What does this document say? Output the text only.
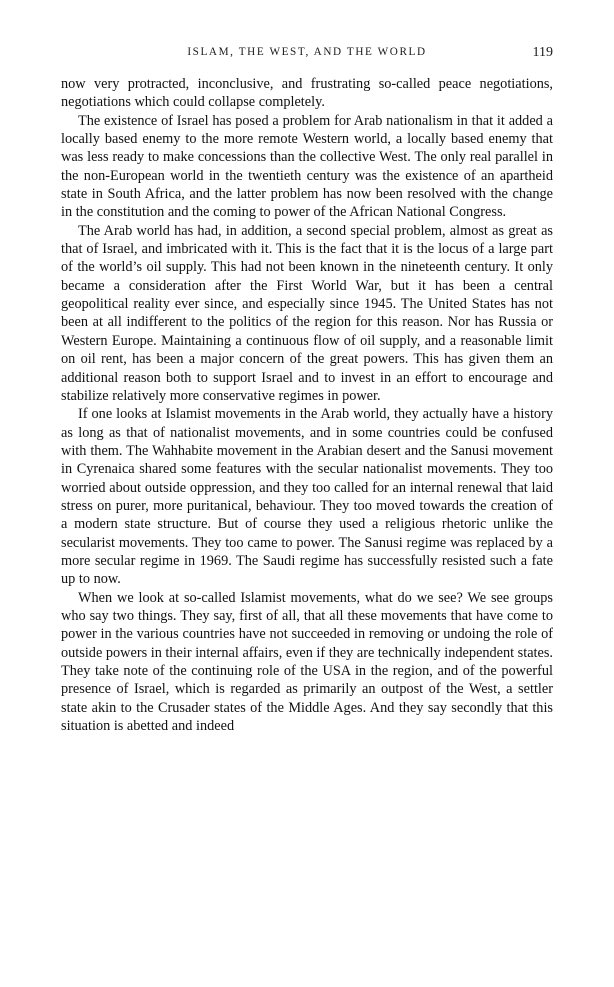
ISLAM, THE WEST, AND THE WORLD	119

now very protracted, inconclusive, and frustrating so-called peace negotiations, negotiations which could collapse completely.

The existence of Israel has posed a problem for Arab nationalism in that it added a locally based enemy to the more remote Western world, a locally based enemy that was less ready to make concessions than the collective West. The only real parallel in the non-European world in the twentieth century was the existence of an apartheid state in South Africa, and the latter problem has now been resolved with the change in the constitution and the coming to power of the African National Congress.

The Arab world has had, in addition, a second special problem, almost as great as that of Israel, and imbricated with it. This is the fact that it is the locus of a large part of the world’s oil supply. This had not been known in the nineteenth century. It only became a consideration after the First World War, but it has been a central geopolitical reality ever since, and especially since 1945. The United States has not been at all indifferent to the politics of the region for this reason. Nor has Russia or Western Europe. Maintaining a continuous flow of oil supply, and a reasonable limit on oil rent, has been a major concern of the great powers. This has given them an additional reason both to support Israel and to invest in an effort to encourage and stabilize relatively more conservative regimes in power.

If one looks at Islamist movements in the Arab world, they actually have a history as long as that of nationalist movements, and in some countries could be confused with them. The Wahhabite movement in the Arabian desert and the Sanusi movement in Cyrenaica shared some features with the secular nationalist movements. They too worried about outside oppression, and they too called for an internal renewal that laid stress on purer, more puritanical, behaviour. They too moved towards the creation of a modern state structure. But of course they used a religious rhetoric unlike the secularist movements. They too came to power. The Sanusi regime was replaced by a more secular regime in 1969. The Saudi regime has successfully resisted such a fate up to now.

When we look at so-called Islamist movements, what do we see? We see groups who say two things. They say, first of all, that all these movements that have come to power in the various countries have not succeeded in removing or undoing the role of outside powers in their internal affairs, even if they are technically independent states. They take note of the continuing role of the USA in the region, and of the powerful presence of Israel, which is regarded as primarily an outpost of the West, a settler state akin to the Crusader states of the Middle Ages. And they say secondly that this situation is abetted and indeed
